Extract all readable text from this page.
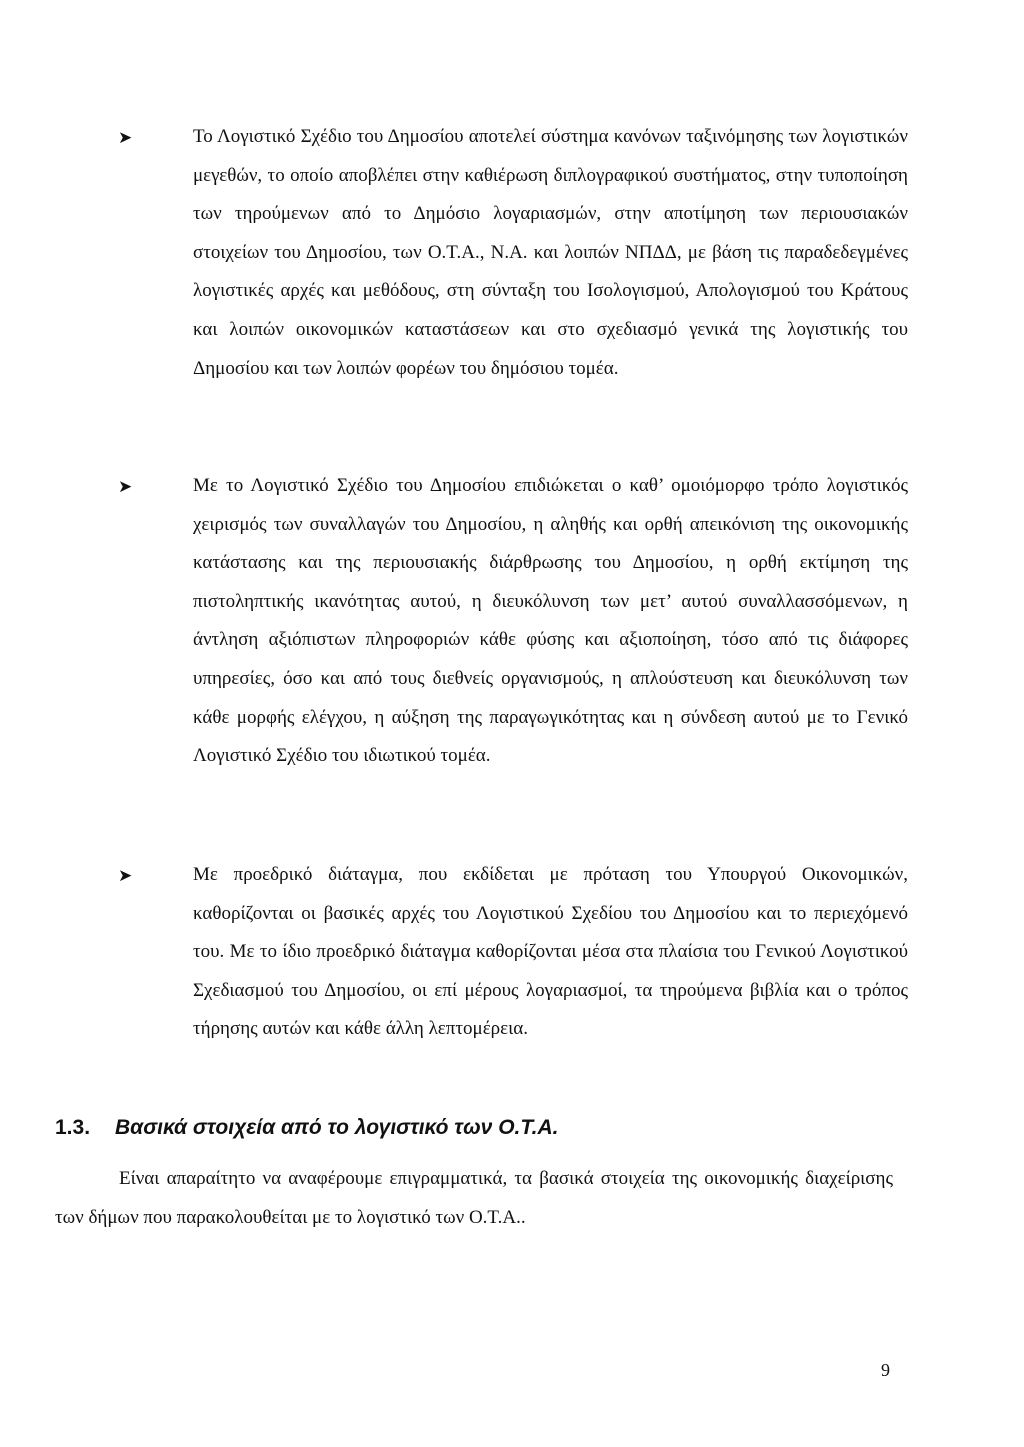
➤	Το Λογιστικό Σχέδιο του Δημοσίου αποτελεί σύστημα κανόνων ταξινόμησης των λογιστικών μεγεθών, το οποίο αποβλέπει στην καθιέρωση διπλογραφικού συστήματος, στην τυποποίηση των τηρούμενων από το Δημόσιο λογαριασμών, στην αποτίμηση των περιουσιακών στοιχείων του Δημοσίου, των Ο.Τ.Α., Ν.Α. και λοιπών ΝΠΔΔ, με βάση τις παραδεδεγμένες λογιστικές αρχές και μεθόδους, στη σύνταξη του Ισολογισμού, Απολογισμού του Κράτους και λοιπών οικονομικών καταστάσεων και στο σχεδιασμό γενικά της λογιστικής του Δημοσίου και των λοιπών φορέων του δημόσιου τομέα.
➤	Με το Λογιστικό Σχέδιο του Δημοσίου επιδιώκεται ο καθ’ ομοιόμορφο τρόπο λογιστικός χειρισμός των συναλλαγών του Δημοσίου, η αληθής και ορθή απεικόνιση της οικονομικής κατάστασης και της περιουσιακής διάρθρωσης του Δημοσίου, η ορθή εκτίμηση της πιστοληπτικής ικανότητας αυτού, η διευκόλυνση των μετ’ αυτού συναλλασσόμενων, η άντληση αξιόπιστων πληροφοριών κάθε φύσης και αξιοποίηση, τόσο από τις διάφορες υπηρεσίες, όσο και από τους διεθνείς οργανισμούς, η απλούστευση και διευκόλυνση των κάθε μορφής ελέγχου, η αύξηση της παραγωγικότητας και η σύνδεση αυτού με το Γενικό Λογιστικό Σχέδιο του ιδιωτικού τομέα.
➤	Με προεδρικό διάταγμα, που εκδίδεται με πρόταση του Υπουργού Οικονομικών, καθορίζονται οι βασικές αρχές του Λογιστικού Σχεδίου του Δημοσίου και το περιεχόμενό του. Με το ίδιο προεδρικό διάταγμα καθορίζονται μέσα στα πλαίσια του Γενικού Λογιστικού Σχεδιασμού του Δημοσίου, οι επί μέρους λογαριασμοί, τα τηρούμενα βιβλία και ο τρόπος τήρησης αυτών και κάθε άλλη λεπτομέρεια.
1.3. Βασικά στοιχεία από το λογιστικό των Ο.Τ.Α.
Είναι απαραίτητο να αναφέρουμε επιγραμματικά, τα βασικά στοιχεία της οικονομικής διαχείρισης των δήμων που παρακολουθείται με το λογιστικό των Ο.Τ.Α..
9
